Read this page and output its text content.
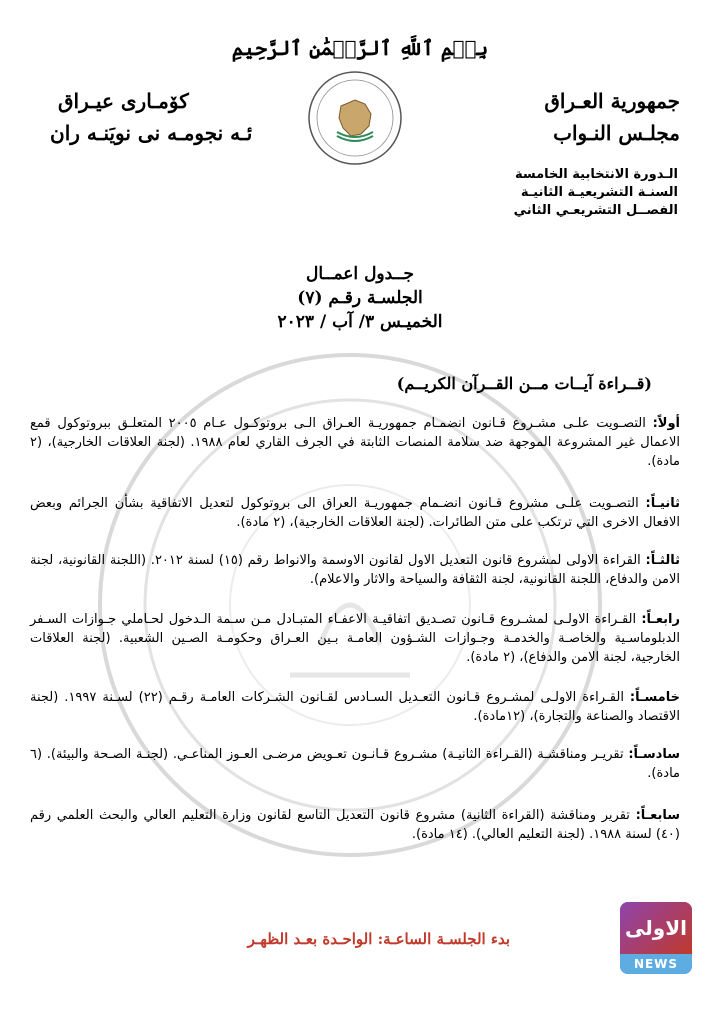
بِسۡمِ ٱللَّهِ ٱلرَّحۡمَٰنِ ٱلرَّحِيمِ
جمهورية العـراق
مجلـس النـواب
كۆمـارى عيـراق
ئـه نجومـه نى نويَنـه ران
الـدورة الانتخابية الخامسة
السنـة التشريعيـة الثانيـة
الفصــل التشريعـي الثاني
جــدول اعمــال
الجلسـة رقـم (٧)
الخميـس ٣/ آب / ٢٠٢٣
(قــراءة آيــات مــن القــرآن الكريــم)
أولاً: التصـويت علـى مشـروع قـانون انضمـام جمهوريـة العـراق الـى بروتوكـول عـام ٢٠٠٥ المتعلـق ببروتوكول قمع الاعمال غير المشروعة الموجهة ضد سلامة المنصات الثابتة في الجرف القاري لعام ١٩٨٨. (لجنة العلاقات الخارجية)، (٢ مادة).
ثانيـاً: التصـويت علـى مشروع قـانون انضـمام جمهوريـة العراق الى بروتوكول لتعديل الاتفاقية بشأن الجرائم وبعض الافعال الاخرى التي ترتكب على متن الطائرات. (لجنة العلاقات الخارجية)، (٢ مادة).
ثالثـاً: القراءة الاولى لمشروع قانون التعديل الاول لقانون الاوسمة والانواط رقم (١٥) لسنة ٢٠١٢. (اللجنة القانونية، لجنة الامن والدفاع، اللجنة القانونية، لجنة الثقافة والسياحة والاثار والاعلام).
رابعـاً: القـراءة الاولـى لمشـروع قـانون تصـديق اتفاقيـة الاعفـاء المتبـادل مـن سـمة الـدخول لحـاملي جـوازات السـفر الدبلوماسـية والخاصـة والخدمـة وجـوازات الشـؤون العامـة بـين العـراق وحكومـة الصـين الشعبية. (لجنة العلاقات الخارجية، لجنة الامن والدفاع)، (٢ مادة).
خامسـاً: القـراءة الاولـى لمشـروع قـانون التعـديل السـادس لقـانون الشـركات العامـة رقـم (٢٢) لسـنة ١٩٩٧. (لجنة الاقتصاد والصناعة والتجارة)، (١٢مادة).
سادسـاً: تقريـر ومناقشـة (القـراءة الثانيـة) مشـروع قـانـون تعـويض مرضـى العـوز المناعـي. (لجنـة الصـحة والبيئة). (٦ مادة).
سابعـاً: تقرير ومناقشة (القراءة الثانية) مشروع قانون التعديل التاسع لقانون وزارة التعليم العالي والبحث العلمي رقم (٤٠) لسنة ١٩٨٨. (لجنة التعليم العالي). (١٤ مادة).
بدء الجلسـة الساعـة: الواحـدة بعـد الظهـر	الاولى
NEWS
